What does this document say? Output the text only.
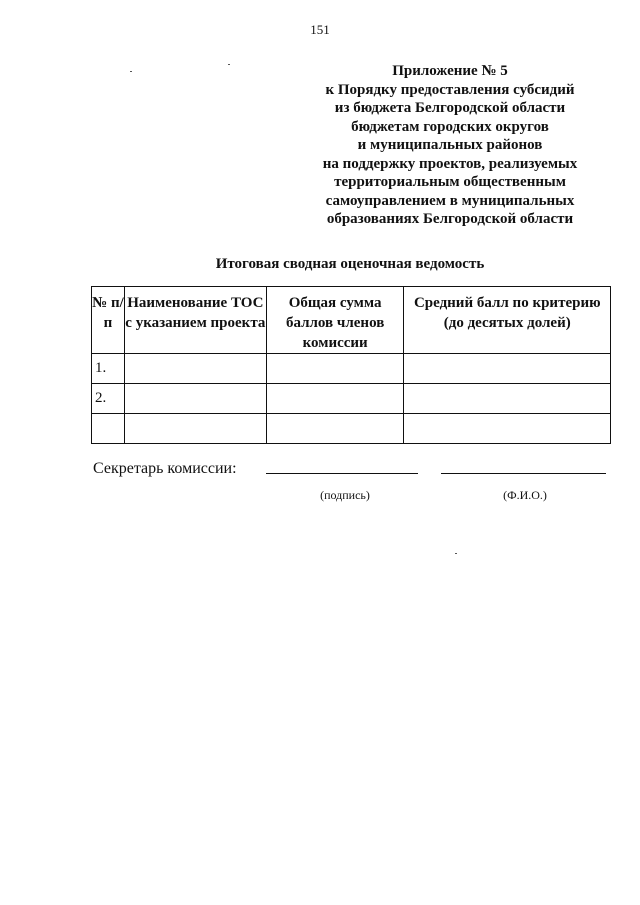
151
Приложение № 5
к Порядку предоставления субсидий
из бюджета Белгородской области
бюджетам городских округов
и муниципальных районов
на поддержку проектов, реализуемых
территориальным общественным
самоуправлением в муниципальных
образованиях Белгородской области
Итоговая сводная оценочная ведомость
№ п/п	Наименование ТОС с указанием проекта	Общая сумма баллов членов комиссии	Средний балл по критерию (до десятых долей)
1.			
2.			

Секретарь комиссии:
(подпись)	(Ф.И.О.)
